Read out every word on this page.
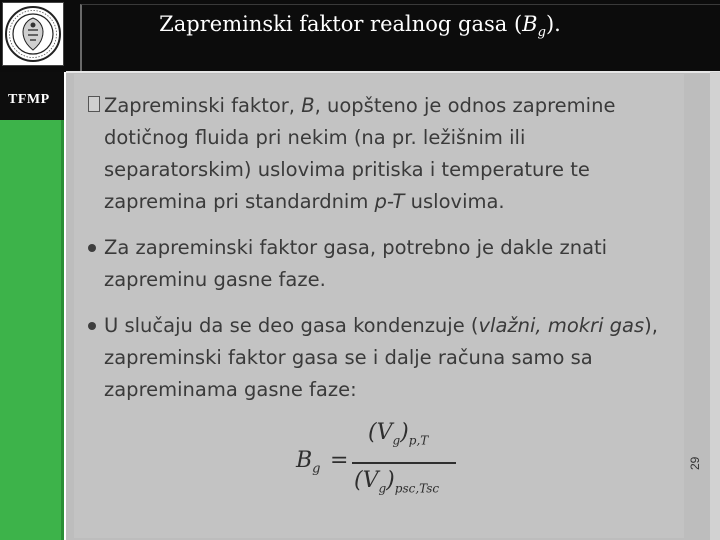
Zapreminski faktor realnog gasa $(B_g)$.
TFMP
29
Zapreminski faktor, B, uopšteno je odnos zapremine dotičnog fluida pri nekim (na pr. ležišnim ili separatorskim) uslovima pritiska i temperature te zapremina pri standardnim p-T uslovima.
Za zapreminski faktor gasa, potrebno je dakle znati zapreminu gasne faze.
U slučaju da se deo gasa kondenzuje (vlažni, mokri gas), zapreminski faktor gasa se i dalje računa samo sa zapreminama gasne faze:
$B_g$ =
$(V_g)_{p,T}$
$(V_g)_{psc,Tsc}$
